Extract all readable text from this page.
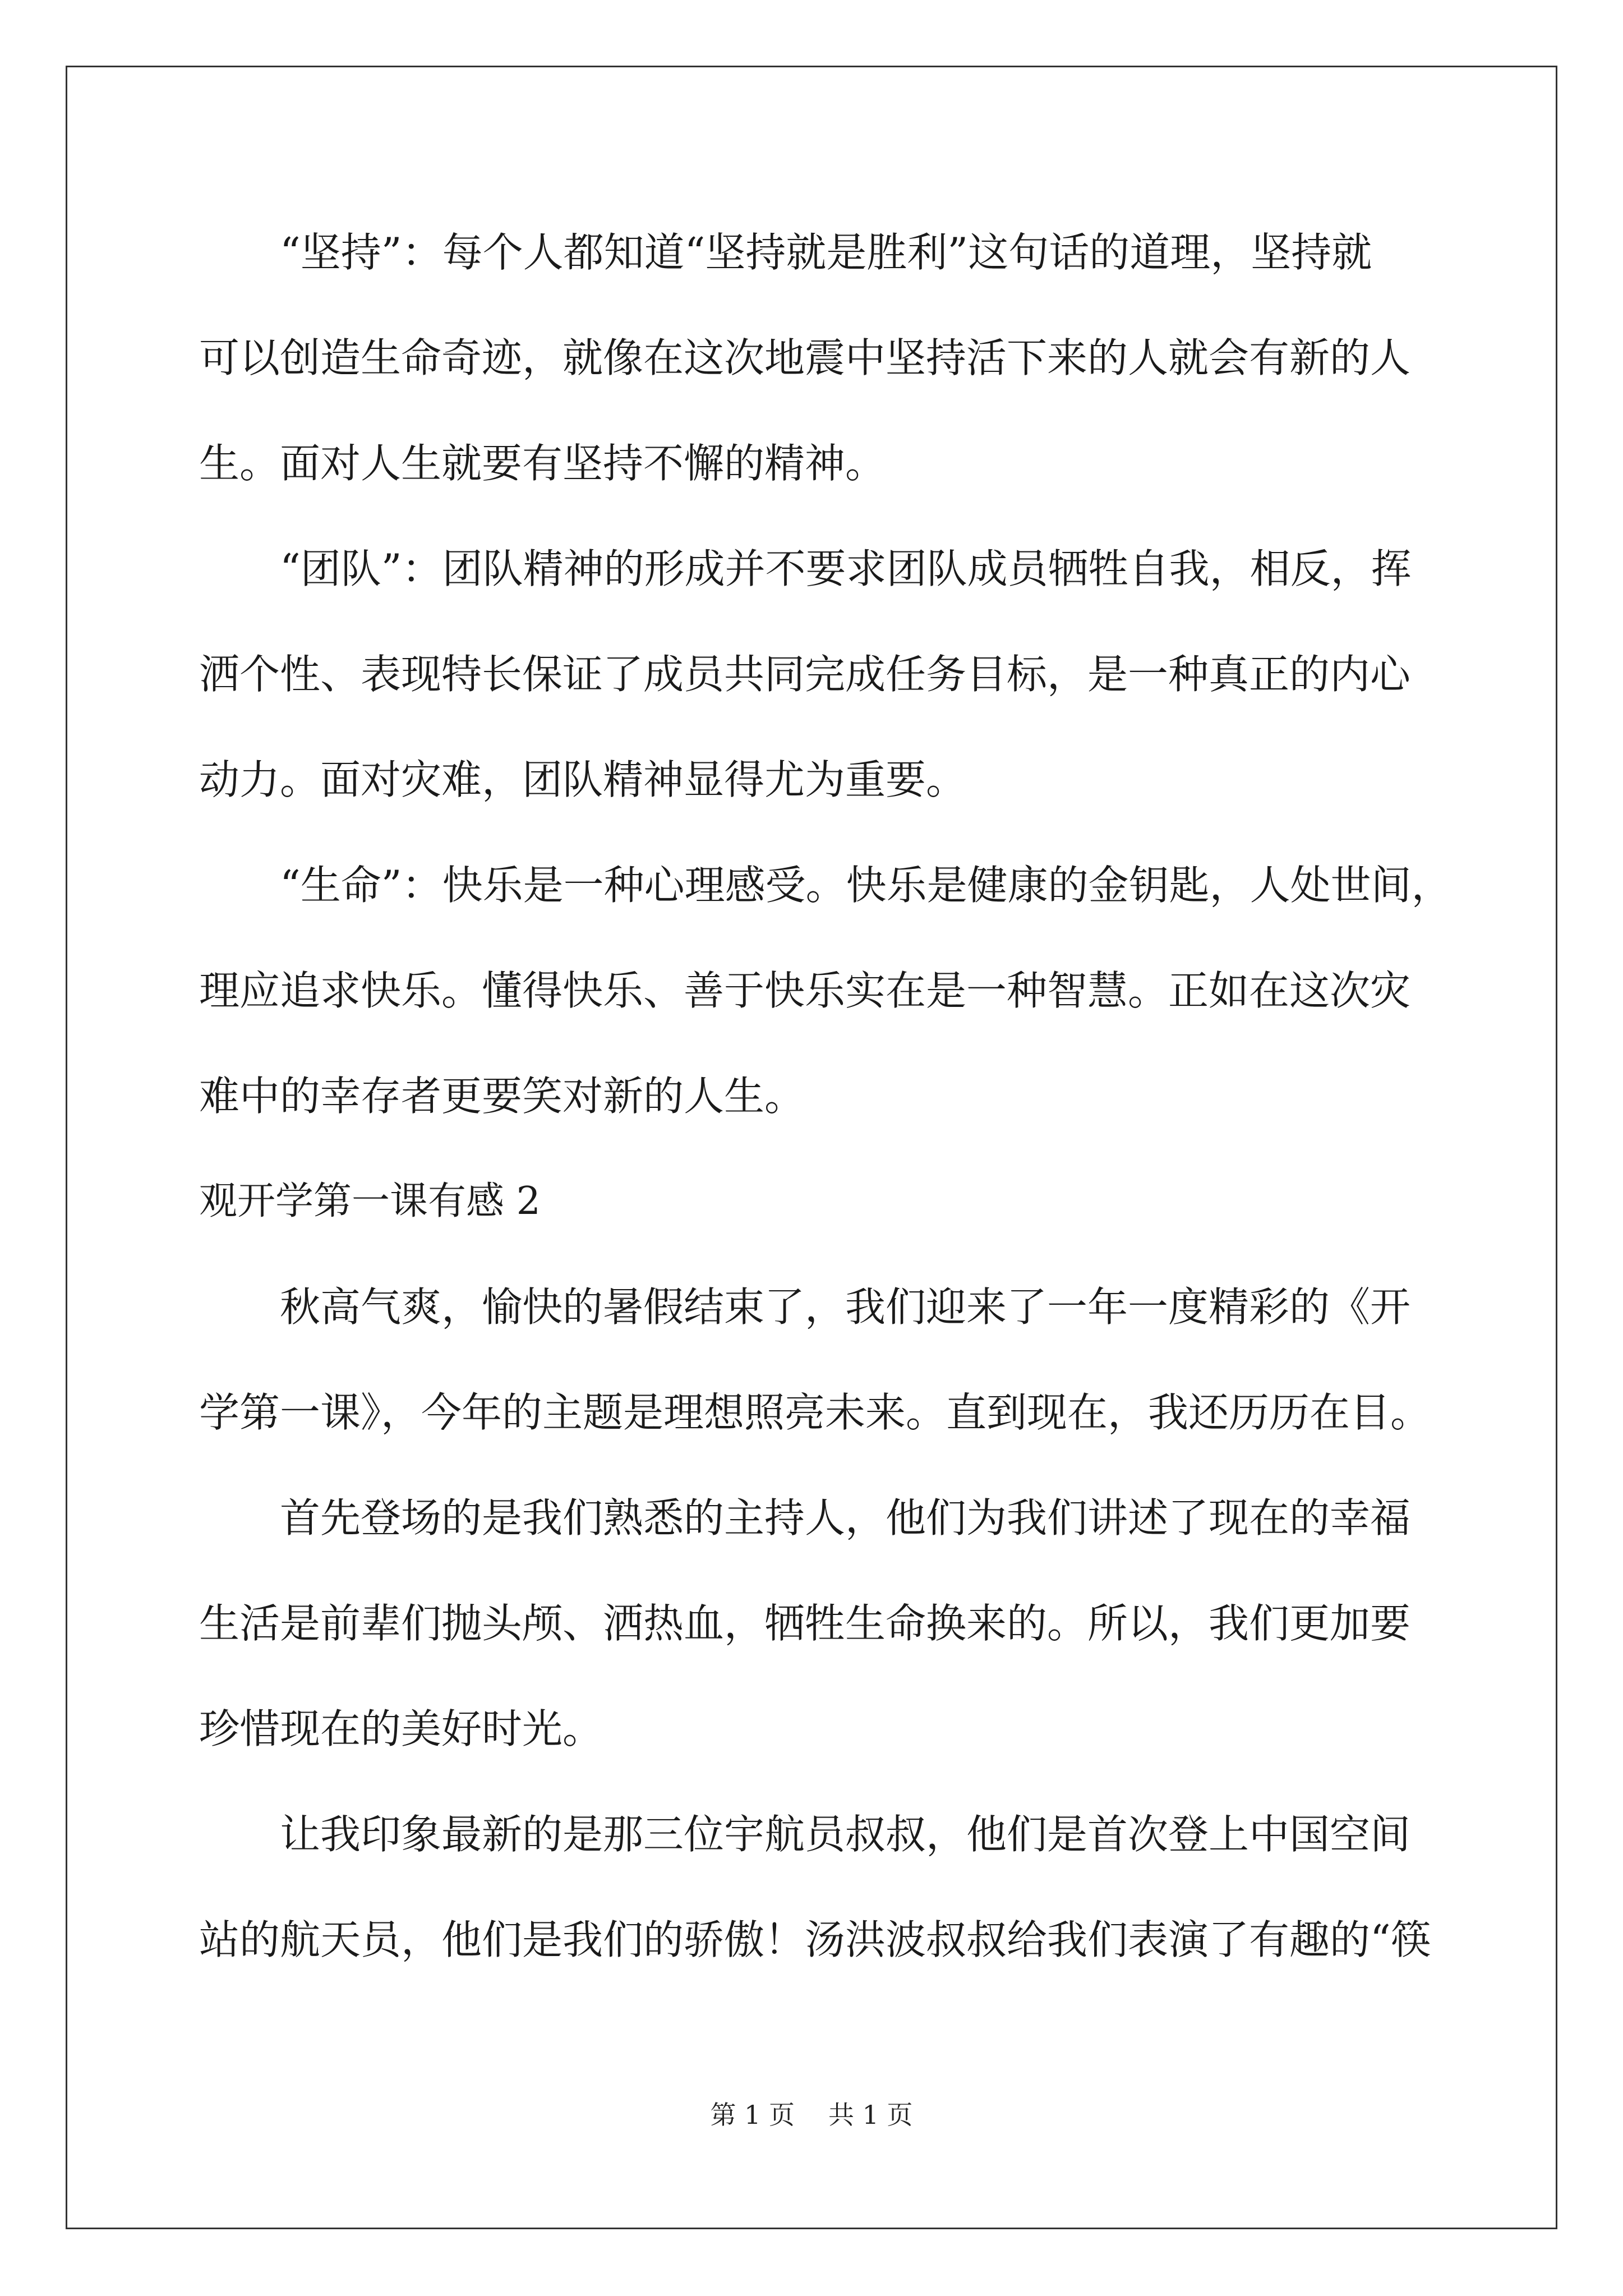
　　“坚持”：每个人都知道“坚持就是胜利”这句话的道理，坚持就
可以创造生命奇迹，就像在这次地震中坚持活下来的人就会有新的人
生。面对人生就要有坚持不懈的精神。
　　“团队”：团队精神的形成并不要求团队成员牺牲自我，相反，挥
洒个性、表现特长保证了成员共同完成任务目标，是一种真正的内心
动力。面对灾难，团队精神显得尤为重要。
　　“生命”：快乐是一种心理感受。快乐是健康的金钥匙，人处世间，
理应追求快乐。懂得快乐、善于快乐实在是一种智慧。正如在这次灾
难中的幸存者更要笑对新的人生。
观开学第一课有感 2
　　秋高气爽，愉快的暑假结束了，我们迎来了一年一度精彩的《开
学第一课》，今年的主题是理想照亮未来。直到现在，我还历历在目。
　　首先登场的是我们熟悉的主持人，他们为我们讲述了现在的幸福
生活是前辈们抛头颅、洒热血，牺牲生命换来的。所以，我们更加要
珍惜现在的美好时光。
　　让我印象最新的是那三位宇航员叔叔，他们是首次登上中国空间
站的航天员，他们是我们的骄傲！汤洪波叔叔给我们表演了有趣的“筷
第 1 页 共 1 页
